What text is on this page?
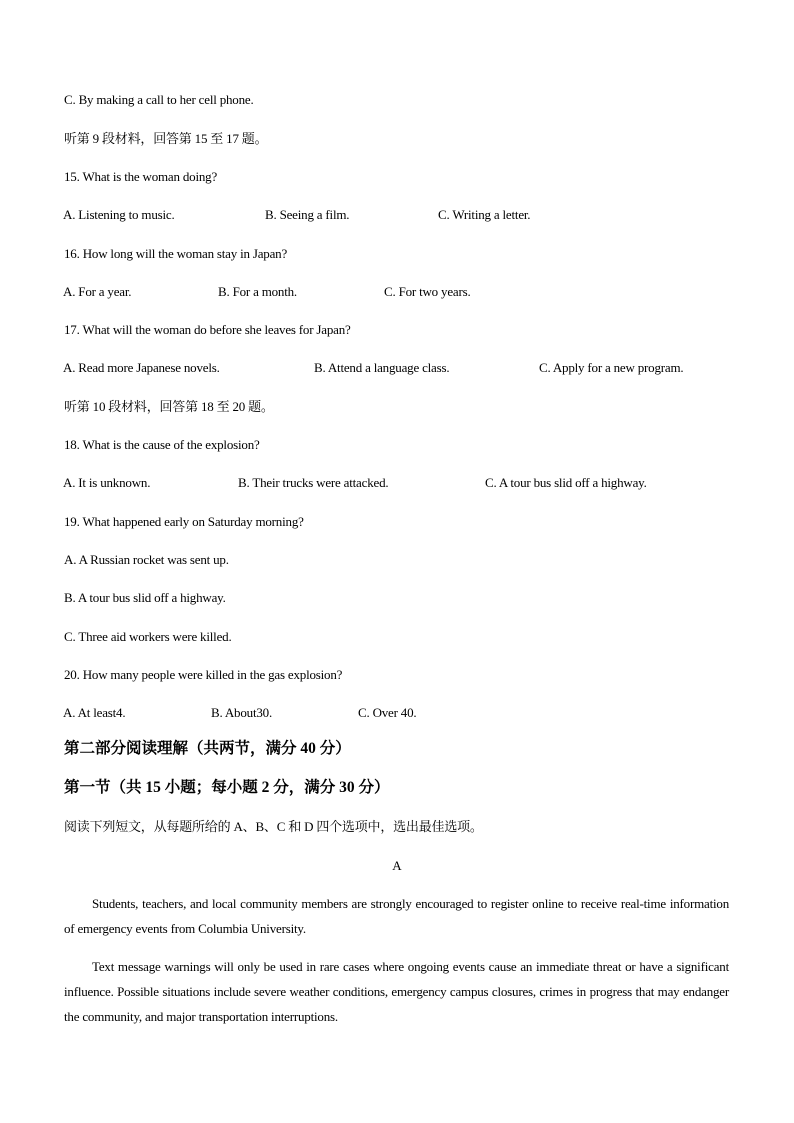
C. By making a call to her cell phone.
听第 9 段材料，回答第 15 至 17 题。
15. What is the woman doing?
A. Listening to music.	B. Seeing a film.	C. Writing a letter.
16. How long will the woman stay in Japan?
A. For a year.	B. For a month.	C. For two years.
17. What will the woman do before she leaves for Japan?
A. Read more Japanese novels.	B. Attend a language class.	C. Apply for a new program.
听第 10 段材料，回答第 18 至 20 题。
18. What is the cause of the explosion?
A. It is unknown.	B. Their trucks were attacked.	C. A tour bus slid off a highway.
19. What happened early on Saturday morning?
A. A Russian rocket was sent up.
B. A tour bus slid off a highway.
C. Three aid workers were killed.
20. How many people were killed in the gas explosion?
A. At least4.	B. About30.	C. Over 40.
第二部分阅读理解（共两节，满分 40 分）
第一节（共 15 小题；每小题 2 分，满分 30 分）
阅读下列短文，从每题所给的 A、B、C 和 D 四个选项中，选出最佳选项。
A
Students, teachers, and local community members are strongly encouraged to register online to receive real-time information of emergency events from Columbia University.
Text message warnings will only be used in rare cases where ongoing events cause an immediate threat or have a significant influence. Possible situations include severe weather conditions, emergency campus closures, crimes in progress that may endanger the community, and major transportation interruptions.
